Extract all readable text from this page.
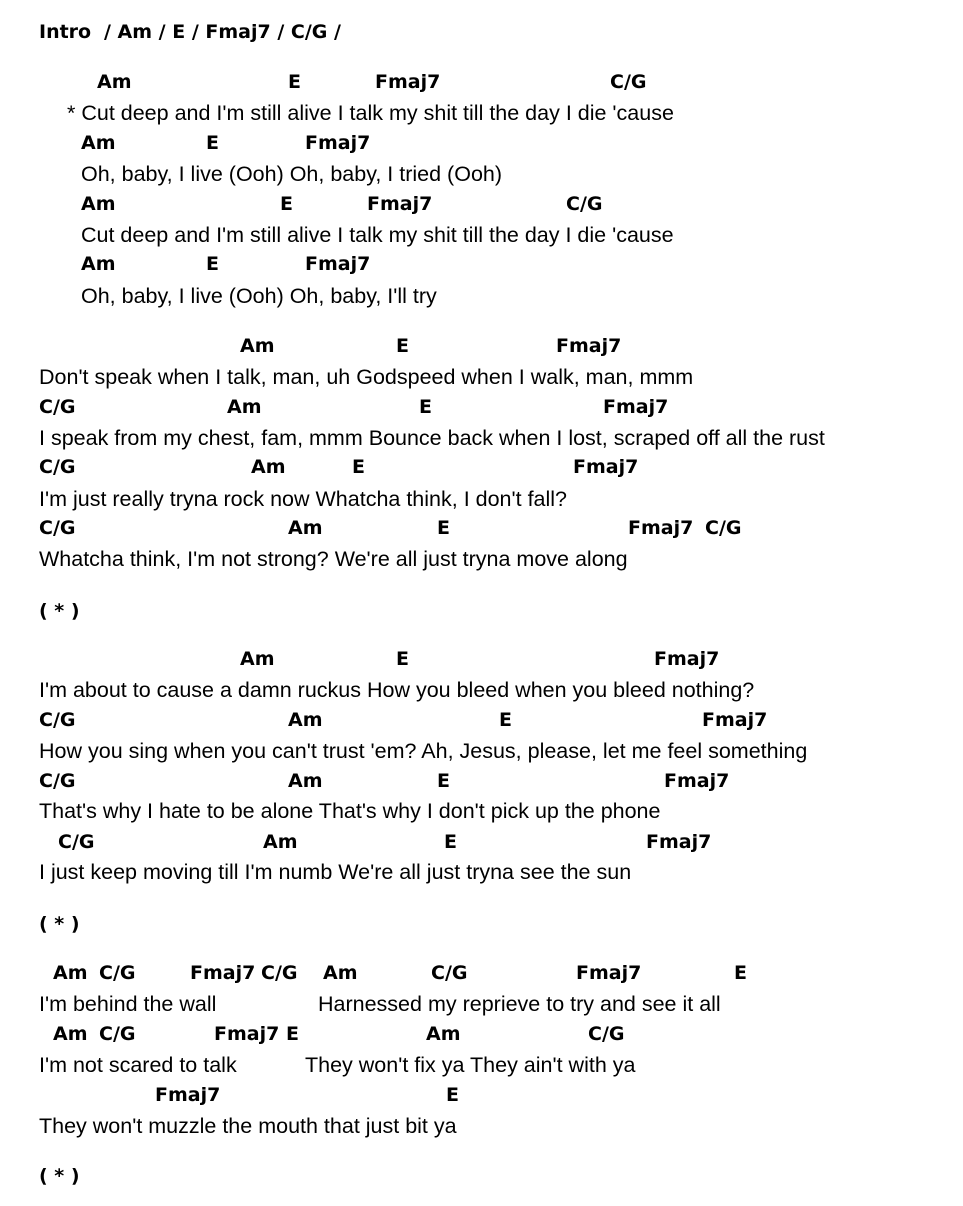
Intro / Am / E / Fmaj7 / C/G /
Am	E	Fmaj7	C/G
* Cut deep and I'm still alive I talk my shit till the day I die 'cause
Am	E	Fmaj7
Oh, baby, I live (Ooh) Oh, baby, I tried (Ooh)
Am	E	Fmaj7	C/G
Cut deep and I'm still alive I talk my shit till the day I die 'cause
Am	E	Fmaj7
Oh, baby, I live (Ooh) Oh, baby, I'll try
Am	E	Fmaj7
Don't speak when I talk, man, uh Godspeed when I walk, man, mmm
C/G	Am	E	Fmaj7
I speak from my chest, fam, mmm Bounce back when I lost, scraped off all the rust
C/G	Am	E	Fmaj7
I'm just really tryna rock now Whatcha think, I don't fall?
C/G	Am	E	Fmaj7 C/G
Whatcha think, I'm not strong? We're all just tryna move along
( * )
Am	E	Fmaj7
I'm about to cause a damn ruckus How you bleed when you bleed nothing?
C/G	Am	E	Fmaj7
How you sing when you can't trust 'em? Ah, Jesus, please, let me feel something
C/G	Am	E	Fmaj7
That's why I hate to be alone That's why I don't pick up the phone
C/G	Am	E	Fmaj7
I just keep moving till I'm numb We're all just tryna see the sun
( * )
Am C/G	Fmaj7 C/G Am	C/G	Fmaj7	E
I'm behind the wall	Harnessed my reprieve to try and see it all
Am C/G	Fmaj7 E	Am	C/G
I'm not scared to talk	They won't fix ya They ain't with ya
Fmaj7	E
They won't muzzle the mouth that just bit ya
( * )
